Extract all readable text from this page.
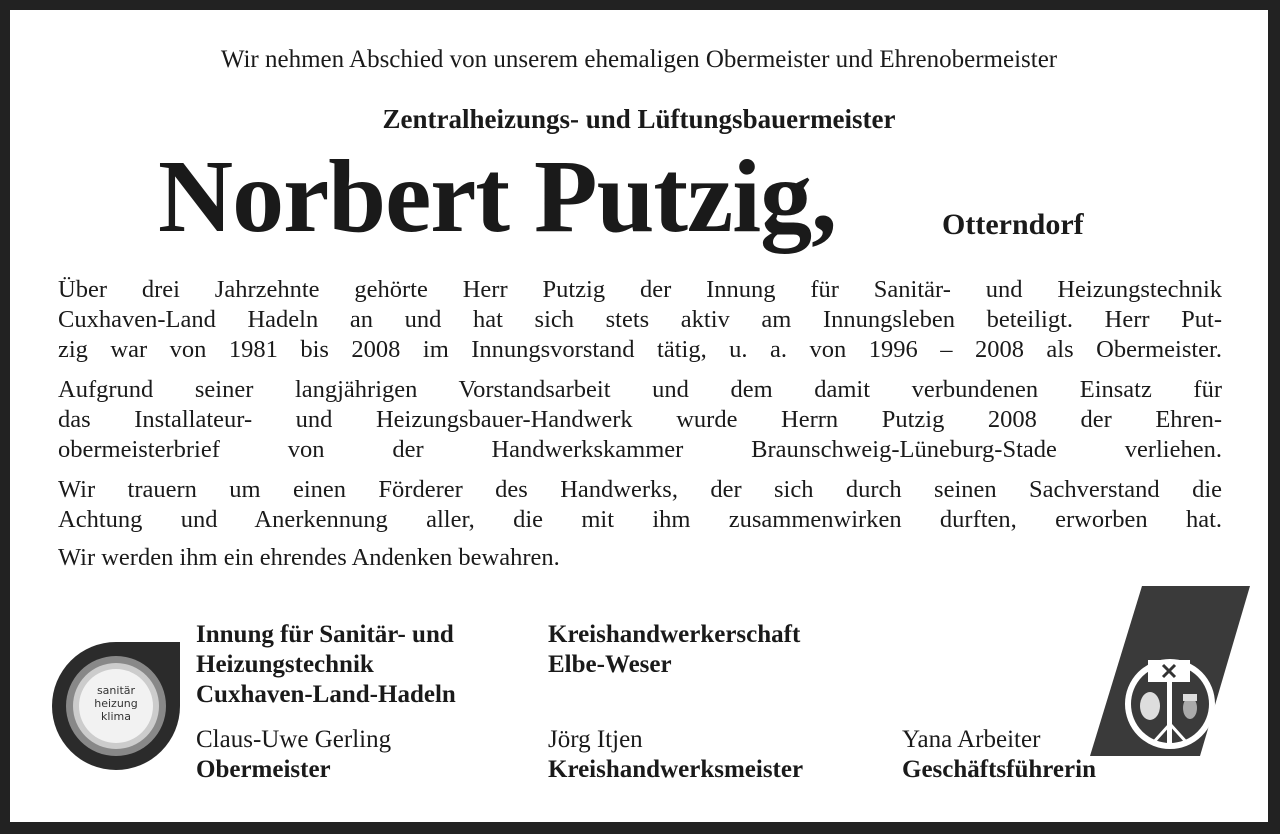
Wir nehmen Abschied von unserem ehemaligen Obermeister und Ehrenobermeister
Zentralheizungs- und Lüftungsbauermeister
Norbert Putzig,	Otterndorf
Über drei Jahrzehnte gehörte Herr Putzig der Innung für Sanitär- und Heizungstechnik
Cuxhaven-Land Hadeln an und hat sich stets aktiv am Innungsleben beteiligt. Herr Put-
zig war von 1981 bis 2008 im Innungsvorstand tätig, u. a. von 1996 – 2008 als Obermeister.
Aufgrund seiner langjährigen Vorstandsarbeit und dem damit verbundenen Einsatz für
das Installateur- und Heizungsbauer-Handwerk wurde Herrn Putzig 2008 der Ehren-
obermeisterbrief von der Handwerkskammer Braunschweig-Lüneburg-Stade verliehen.
Wir trauern um einen Förderer des Handwerks, der sich durch seinen Sachverstand die
Achtung und Anerkennung aller, die mit ihm zusammenwirken durften, erworben hat.
Wir werden ihm ein ehrendes Andenken bewahren.
sanitär
heizung
klima
Innung für Sanitär- und
Heizungstechnik
Cuxhaven-Land-Hadeln
Kreishandwerkerschaft
Elbe-Weser
Claus-Uwe Gerling
Obermeister
Jörg Itjen
Kreishandwerksmeister
Yana Arbeiter
Geschäftsführerin
